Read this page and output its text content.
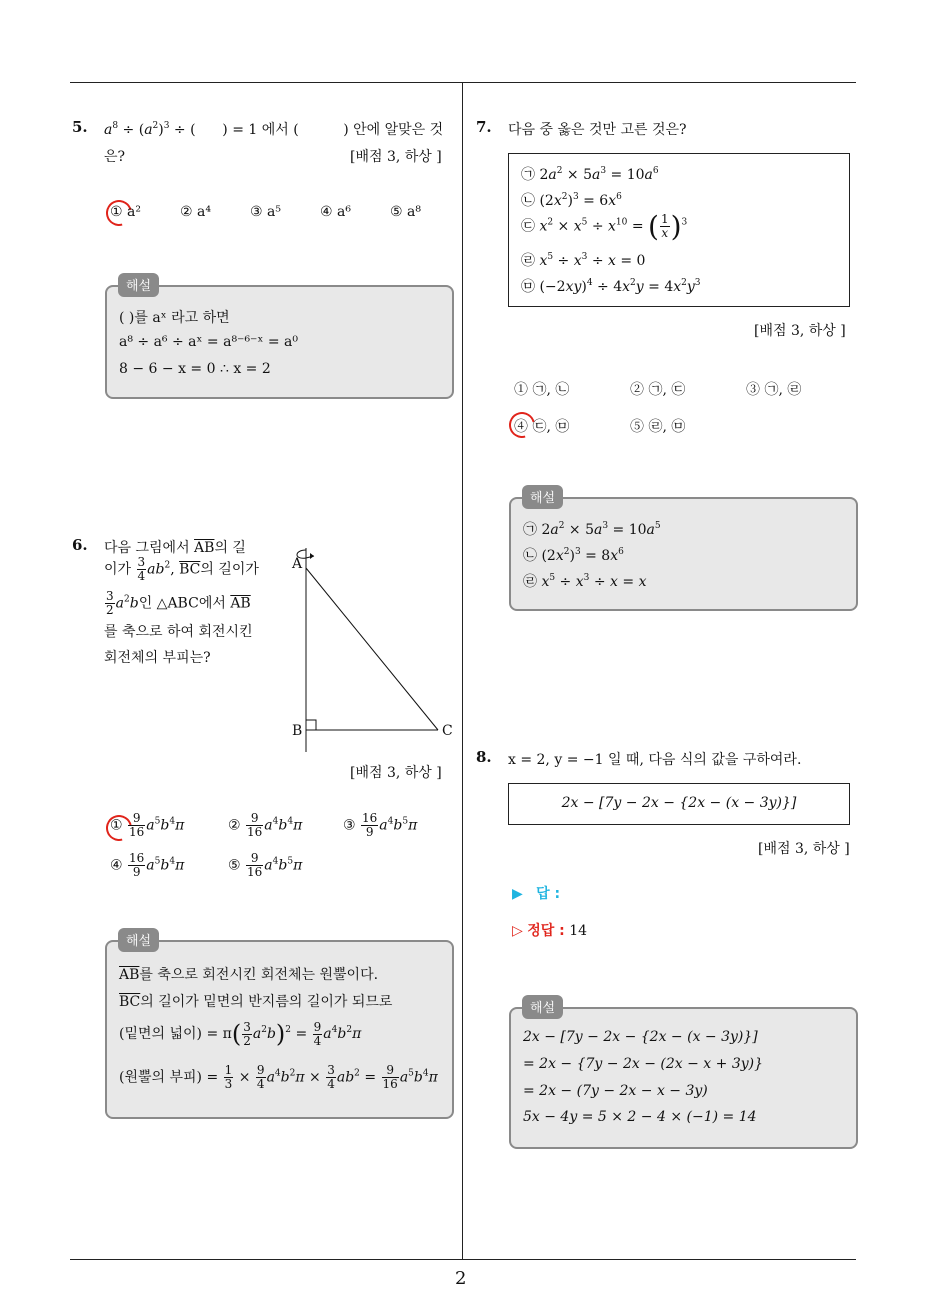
2
5. $a^8 \div (a^2)^3$ ÷ (      ) = 1 에서 (          ) 안에 알맞은 것
은?	[배점 3, 하상 ]
① a²	② a⁴	③ a⁵	④ a⁶	⑤ a⁸
( )를 aˣ 라고 하면
a⁸ ÷ a⁶ ÷ aˣ = a⁸⁻⁶⁻ˣ = a⁰
8 − 6 − x = 0 ∴ x = 2
해설
6. 다음 그림에서 $\overline{AB}$의 길
이가 $\frac{3}{4} ab^2$, $\overline{BC}$의 길이가
$\frac{3}{2} a^2b$인 △ABC에서 $\overline{AB}$
를 축으로 하여 회전시킨
회전체의 부피는?
A
B	C
[배점 3, 하상 ]
① $\frac{9}{16} a^5b^4\pi$	② $\frac{9}{16} a^4b^4\pi$	③ $\frac{16}{9} a^4b^5\pi$
④ $\frac{16}{9} a^5b^4\pi$	⑤ $\frac{9}{16} a^4b^5\pi$
$\overline{AB}$를 축으로 회전시킨 회전체는 원뿔이다.
$\overline{BC}$의 길이가 밑면의 반지름의 길이가 되므로
(밑면의 넓이) = $\pi( \frac{3}{2} a^2b)^2 = \frac{9}{4} a^4b^2\pi$
(원뿔의 부피) = $\frac{1}{3} \times \frac{9}{4} a^4b^2\pi \times \frac{3}{4} ab^2 = \frac{9}{16} a^5b^4\pi$
해설
7. 다음 중 옳은 것만 고른 것은?
㉠ $2a^2 \times 5a^3 = 10a^6$
㉡ $(2x^2)^3 = 6x^6$
㉢ $x^2 \times x^5 \div x^{10}$ = ( $\frac{1}{x} )^3$
㉣ $x^5 \div x^3 \div x = 0$
㉤ $(-2xy)^4 \div 4x^2y = 4x^2y^3$
[배점 3, 하상 ]
① ㉠, ㉡	② ㉠, ㉢	③ ㉠, ㉣
④ ㉢, ㉤	⑤ ㉣, ㉤
㉠ $2a^2 \times 5a^3 = 10a^5$
㉡ $(2x^2)^3 = 8x^6$
㉣ $x^5 \div x^3 \div x = x$
해설
8. x = 2, y = −1 일 때, 다음 식의 값을 구하여라.
2x − [7y − 2x − {2x − (x − 3y)}]
[배점 3, 하상 ]
▶ 답 :
▷ 정답 : 14
2x − [7y − 2x − {2x − (x − 3y)}]
= 2x − {7y − 2x − (2x − x + 3y)}
= 2x − (7y − 2x − x − 3y)
5x − 4y = 5 × 2 − 4 × (−1) = 14
해설
